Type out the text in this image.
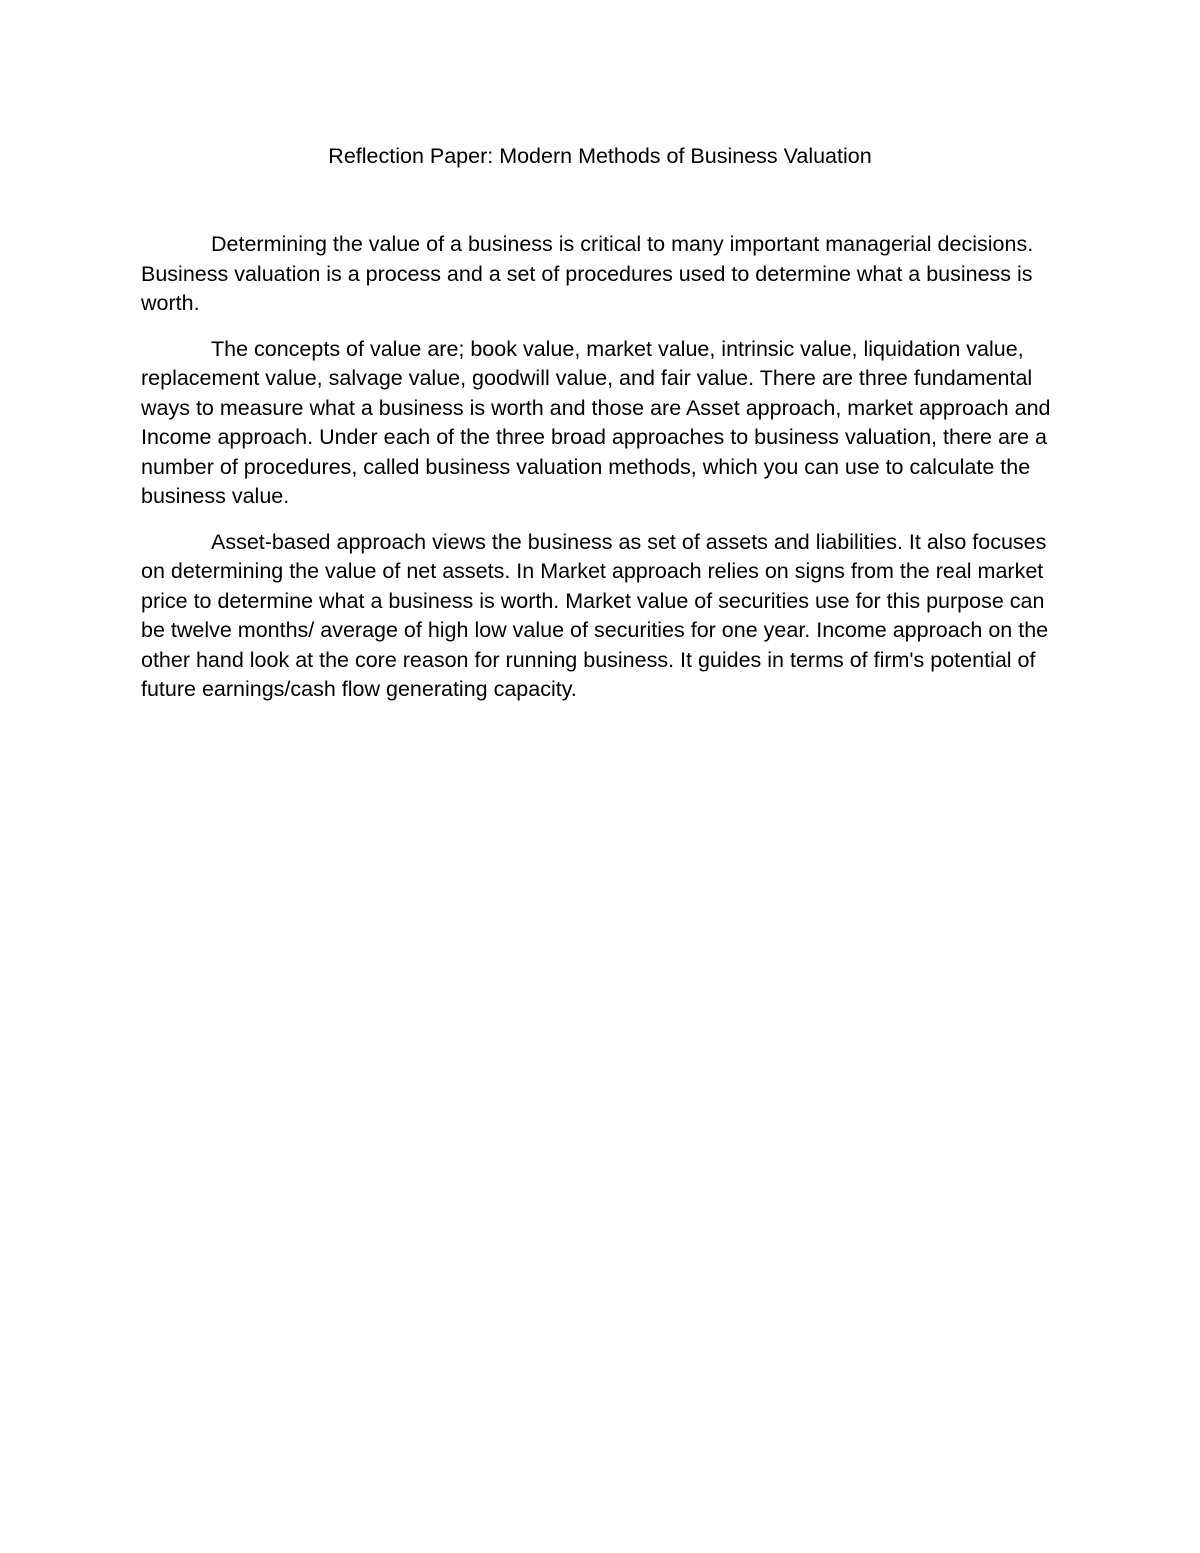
Reflection Paper: Modern Methods of Business Valuation

Determining the value of a business is critical to many important managerial decisions. Business valuation is a process and a set of procedures used to determine what a business is worth.

The concepts of value are; book value, market value, intrinsic value, liquidation value, replacement value, salvage value, goodwill value, and fair value. There are three fundamental ways to measure what a business is worth and those are Asset approach, market approach and Income approach. Under each of the three broad approaches to business valuation, there are a number of procedures, called business valuation methods, which you can use to calculate the business value.

Asset-based approach views the business as set of assets and liabilities. It also focuses on determining the value of net assets. In Market approach relies on signs from the real market price to determine what a business is worth. Market value of securities use for this purpose can be twelve months/ average of high low value of securities for one year. Income approach on the other hand look at the core reason for running business. It guides in terms of firm's potential of future earnings/cash flow generating capacity.
